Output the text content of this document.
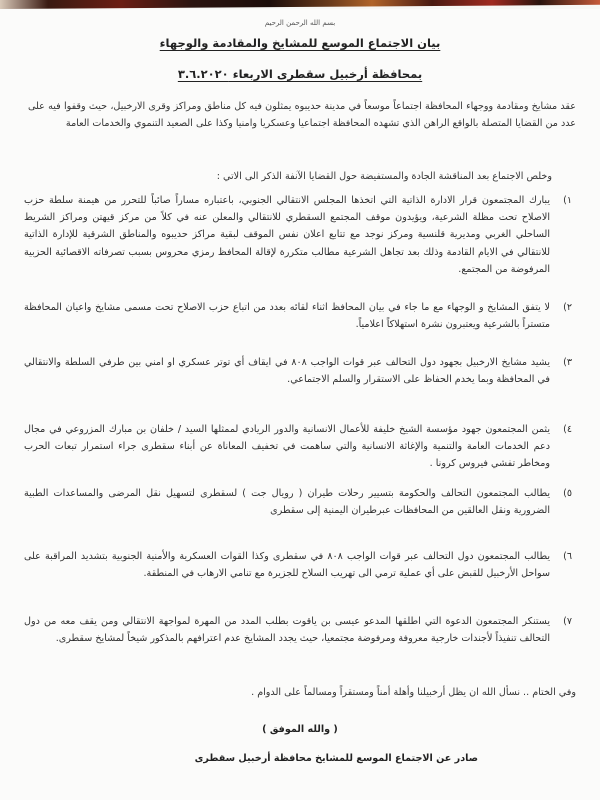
بسم الله الرحمن الرحيم
بيان الاجتماع الموسع للمشايخ والمقادمة والوجهاء
بمحافظة أرخبيل سقطرى الاربعاء ٣.٦.٢٠٢٠
عقد مشايخ ومقادمة ووجهاء المحافظة اجتماعاً موسعاً في مدينة حديبوه يمثلون فيه كل مناطق ومراكز وقرى الارخبيل، حيث وقفوا فيه على عدد من القضايا المتصلة بالواقع الراهن الذي تشهده المحافظة اجتماعيا وعسكريا وامنيا وكذا على الصعيد التنموي والخدمات العامة
وخلص الاجتماع بعد المناقشة الجادة والمستفيضة حول القضايا الآنفة الذكر الى الاتي :
١)
يبارك المجتمعون قرار الادارة الذاتية التي اتخذها المجلس الانتقالي الجنوبي، باعتباره مساراً صائباً للتحرر من هيمنة سلطة حزب الاصلاح تحت مظلة الشرعية، ويؤيدون موقف المجتمع السقطري للانتقالي والمعلن عنه في كلاً من مركز قيهتن ومراكز الشريط الساحلي الغربي ومديرية قلنسية ومركز نوجد مع تتابع اعلان نفس الموقف لبقية مراكز حديبوه والمناطق الشرقية للإدارة الذاتية للانتقالي في الايام القادمة وذلك بعد تجاهل الشرعية مطالب متكررة لإقالة المحافظ رمزي محروس بسبب تصرفاته الاقصائية الحزبية المرفوضة من المجتمع.
٢)
لا يتفق المشايخ و الوجهاء مع ما جاء في بيان المحافظ اثناء لقائه بعدد من اتباع حزب الاصلاح تحت مسمى مشايخ واعيان المحافظة متستراً بالشرعية ويعتبرون نشرة استهلاكاً اعلامياً.
٣)
يشيد مشايخ الارخبيل بجهود دول التحالف عبر قوات الواجب ٨٠٨ في ايقاف أي توتر عسكري او امني بين طرفي السلطة والانتقالي في المحافظة وبما يخدم الحفاظ على الاستقرار والسلم الاجتماعي.
٤)
يثمن المجتمعون جهود مؤسسة الشيخ خليفة للأعمال الانسانية والدور الريادي لممثلها السيد / خلفان بن مبارك المزروعي في مجال دعم الخدمات العامة والتنمية والإغاثة الانسانية والتي ساهمت في تخفيف المعاناة عن أبناء سقطرى جراء استمرار تبعات الحرب ومخاطر تفشي فيروس كرونا .
٥)
يطالب المجتمعون التحالف والحكومة بتسيير رحلات طيران ( رويال جت ) لسقطرى لتسهيل نقل المرضى والمساعدات الطبية الضرورية ونقل العالقين من المحافظات عبرطيران اليمنية إلى سقطرى
٦)
يطالب المجتمعون دول التحالف عبر قوات الواجب ٨٠٨ في سقطرى وكذا القوات العسكرية والأمنية الجنوبية بتشديد المراقبة على سواحل الأرخبيل للقبض على أي عملية ترمي الى تهريب السلاح للجزيرة مع تنامي الارهاب في المنطقة.
٧)
يستنكر المجتمعون الدعوة التي اطلقها المدعو عيسى بن ياقوت بطلب المدد من المهرة لمواجهة الانتقالي ومن يقف معه من دول التحالف تنفيذاً لأجندات خارجية معروفة ومرفوضة مجتمعيا، حيث يجدد المشايخ عدم اعترافهم بالمذكور شيخاً لمشايخ سقطرى.
وفي الختام .. نسأل الله ان يظل أرخبيلنا وأهلة أمناً ومستقراً ومسالماً على الدوام .
( والله الموفق )
صادر عن الاجتماع الموسع للمشايخ محافظة أرخبيل سقطرى
